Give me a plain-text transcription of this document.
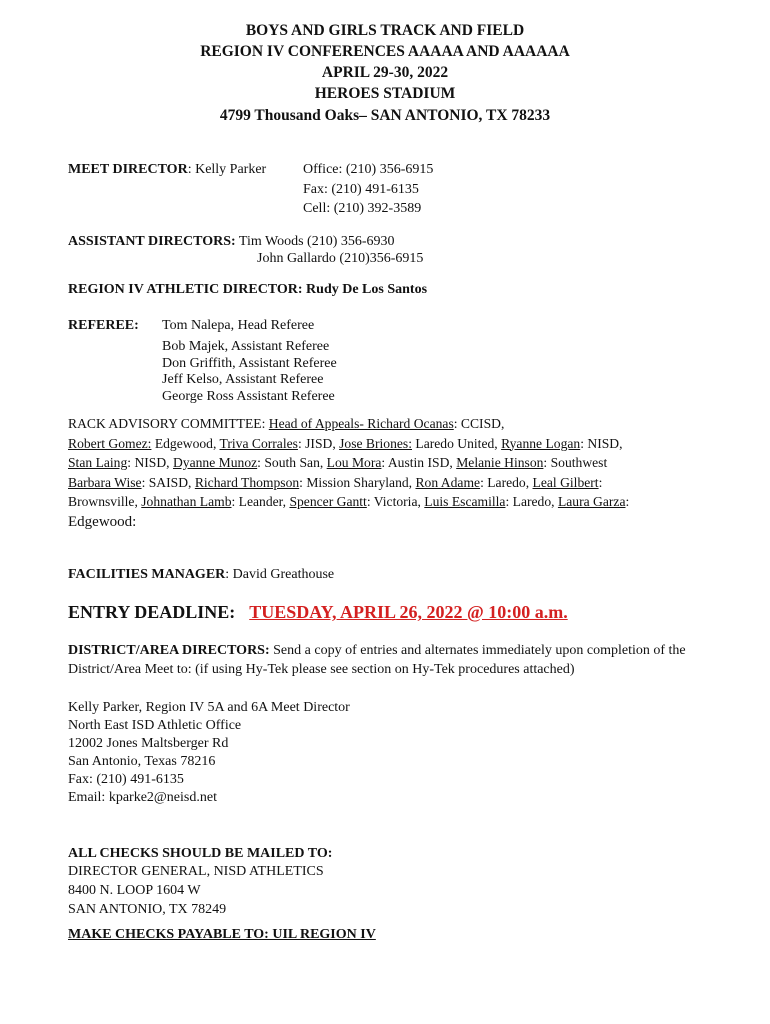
BOYS AND GIRLS TRACK AND FIELD
REGION IV CONFERENCES AAAAA AND AAAAAA
APRIL 29-30, 2022
HEROES STADIUM
4799 Thousand Oaks– SAN ANTONIO, TX 78233
MEET DIRECTOR: Kelly Parker	Office: (210) 356-6915
Fax: (210) 491-6135
Cell: (210) 392-3589
ASSISTANT DIRECTORS: Tim Woods (210) 356-6930
John Gallardo (210)356-6915
REGION IV ATHLETIC DIRECTOR: Rudy De Los Santos
REFEREE: Tom Nalepa, Head Referee
Bob Majek, Assistant Referee
Don Griffith, Assistant Referee
Jeff Kelso, Assistant Referee
George Ross Assistant Referee
RACK ADVISORY COMMITTEE: Head of Appeals- Richard Ocanas: CCISD,
Robert Gomez: Edgewood, Triva Corrales: JISD, Jose Briones: Laredo United, Ryanne Logan: NISD,
Stan Laing: NISD, Dyanne Munoz: South San, Lou Mora: Austin ISD, Melanie Hinson: Southwest
Barbara Wise: SAISD, Richard Thompson: Mission Sharyland, Ron Adame: Laredo, Leal Gilbert:
Brownsville, Johnathan Lamb: Leander, Spencer Gantt: Victoria, Luis Escamilla: Laredo, Laura Garza:
Edgewood:
FACILITIES MANAGER: David Greathouse
ENTRY DEADLINE: TUESDAY, APRIL 26, 2022 @ 10:00 a.m.
DISTRICT/AREA DIRECTORS: Send a copy of entries and alternates immediately upon completion of the
District/Area Meet to: (if using Hy-Tek please see section on Hy-Tek procedures attached)
Kelly Parker, Region IV 5A and 6A Meet Director
North East ISD Athletic Office
12002 Jones Maltsberger Rd
San Antonio, Texas 78216
Fax: (210) 491-6135
Email: kparke2@neisd.net
ALL CHECKS SHOULD BE MAILED TO:
DIRECTOR GENERAL, NISD ATHLETICS
8400 N. LOOP 1604 W
SAN ANTONIO, TX 78249
MAKE CHECKS PAYABLE TO: UIL REGION IV
